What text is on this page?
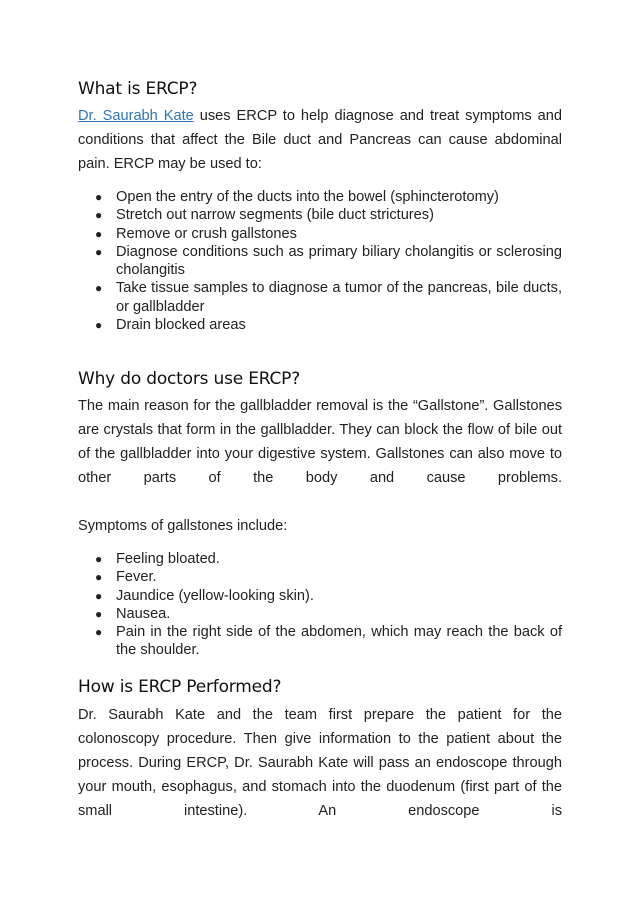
What is ERCP?

Dr. Saurabh Kate uses ERCP to help diagnose and treat symptoms and conditions that affect the Bile duct and Pancreas can cause abdominal pain. ERCP may be used to:

● Open the entry of the ducts into the bowel (sphincterotomy)
● Stretch out narrow segments (bile duct strictures)
● Remove or crush gallstones
● Diagnose conditions such as primary biliary cholangitis or sclerosing cholangitis
● Take tissue samples to diagnose a tumor of the pancreas, bile ducts, or gallbladder
● Drain blocked areas
Why do doctors use ERCP?

The main reason for the gallbladder removal is the “Gallstone”. Gallstones are crystals that form in the gallbladder. They can block the flow of bile out of the gallbladder into your digestive system. Gallstones can also move to other parts of the body and cause problems.

Symptoms of gallstones include:

● Feeling bloated.
● Fever.
● Jaundice (yellow-looking skin).
● Nausea.
● Pain in the right side of the abdomen, which may reach the back of the shoulder.
How is ERCP Performed?

Dr. Saurabh Kate and the team first prepare the patient for the colonoscopy procedure. Then give information to the patient about the process. During ERCP, Dr. Saurabh Kate will pass an endoscope through your mouth, esophagus, and stomach into the duodenum (first part of the small intestine). An endoscope is
